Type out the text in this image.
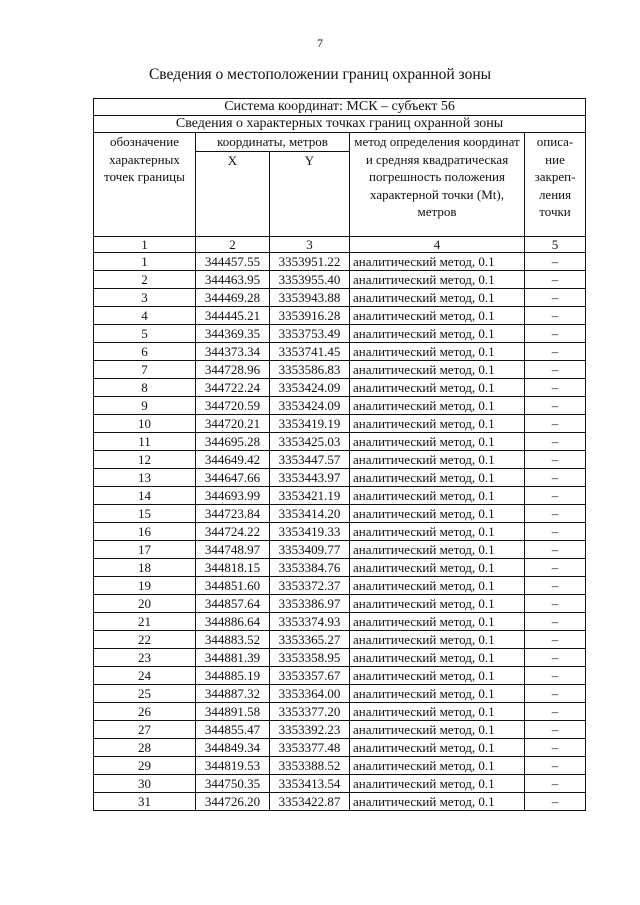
7
Сведения о местоположении границ охранной зоны
Система координат: МСК – субъект 56				
Сведения о характерных точках границ охранной зоны				
обозначение характерных точек границы	координаты, метров		метод определения координат и средняя квадратическая погрешность положения характерной точки (Mt), метров	описа-ние закреп-ления точки
	X	Y		
1	2	3	4	5
1	344457.55	3353951.22	аналитический метод, 0.1	–
2	344463.95	3353955.40	аналитический метод, 0.1	–
3	344469.28	3353943.88	аналитический метод, 0.1	–
4	344445.21	3353916.28	аналитический метод, 0.1	–
5	344369.35	3353753.49	аналитический метод, 0.1	–
6	344373.34	3353741.45	аналитический метод, 0.1	–
7	344728.96	3353586.83	аналитический метод, 0.1	–
8	344722.24	3353424.09	аналитический метод, 0.1	–
9	344720.59	3353424.09	аналитический метод, 0.1	–
10	344720.21	3353419.19	аналитический метод, 0.1	–
11	344695.28	3353425.03	аналитический метод, 0.1	–
12	344649.42	3353447.57	аналитический метод, 0.1	–
13	344647.66	3353443.97	аналитический метод, 0.1	–
14	344693.99	3353421.19	аналитический метод, 0.1	–
15	344723.84	3353414.20	аналитический метод, 0.1	–
16	344724.22	3353419.33	аналитический метод, 0.1	–
17	344748.97	3353409.77	аналитический метод, 0.1	–
18	344818.15	3353384.76	аналитический метод, 0.1	–
19	344851.60	3353372.37	аналитический метод, 0.1	–
20	344857.64	3353386.97	аналитический метод, 0.1	–
21	344886.64	3353374.93	аналитический метод, 0.1	–
22	344883.52	3353365.27	аналитический метод, 0.1	–
23	344881.39	3353358.95	аналитический метод, 0.1	–
24	344885.19	3353357.67	аналитический метод, 0.1	–
25	344887.32	3353364.00	аналитический метод, 0.1	–
26	344891.58	3353377.20	аналитический метод, 0.1	–
27	344855.47	3353392.23	аналитический метод, 0.1	–
28	344849.34	3353377.48	аналитический метод, 0.1	–
29	344819.53	3353388.52	аналитический метод, 0.1	–
30	344750.35	3353413.54	аналитический метод, 0.1	–
31	344726.20	3353422.87	аналитический метод, 0.1	–
